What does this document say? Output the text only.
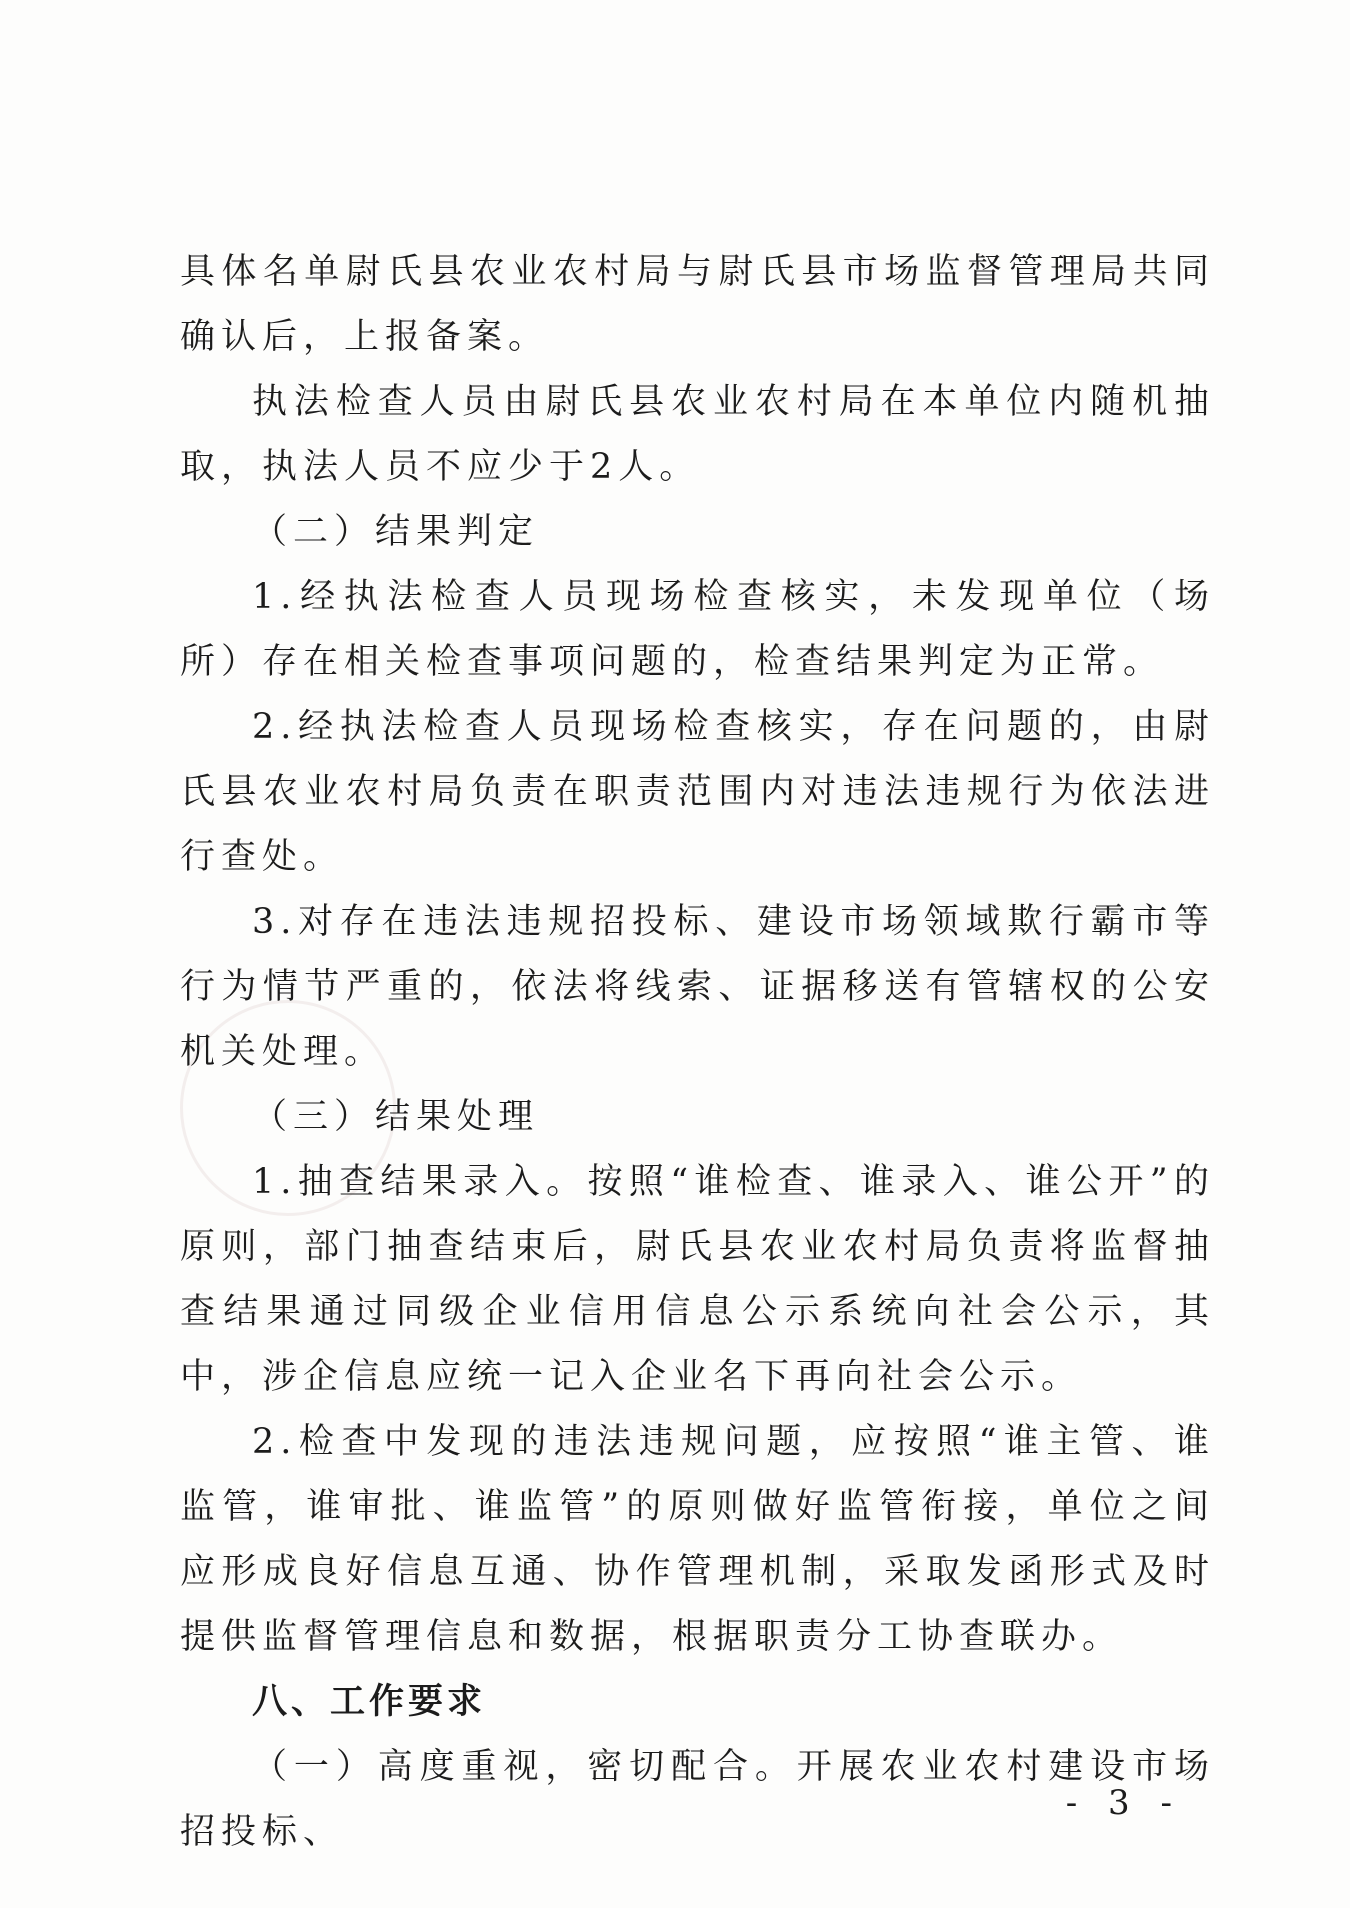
具体名单尉氏县农业农村局与尉氏县市场监督管理局共同确认后，上报备案。

执法检查人员由尉氏县农业农村局在本单位内随机抽取，执法人员不应少于2人。

（二）结果判定

1.经执法检查人员现场检查核实，未发现单位（场所）存在相关检查事项问题的，检查结果判定为正常。

2.经执法检查人员现场检查核实，存在问题的，由尉氏县农业农村局负责在职责范围内对违法违规行为依法进行查处。

3.对存在违法违规招投标、建设市场领域欺行霸市等行为情节严重的，依法将线索、证据移送有管辖权的公安机关处理。

（三）结果处理

1.抽查结果录入。按照“谁检查、谁录入、谁公开”的原则，部门抽查结束后，尉氏县农业农村局负责将监督抽查结果通过同级企业信用信息公示系统向社会公示，其中，涉企信息应统一记入企业名下再向社会公示。

2.检查中发现的违法违规问题，应按照“谁主管、谁监管，谁审批、谁监管”的原则做好监管衔接，单位之间应形成良好信息互通、协作管理机制，采取发函形式及时提供监督管理信息和数据，根据职责分工协查联办。

八、工作要求

（一）高度重视，密切配合。开展农业农村建设市场招投标、

- 3 -
